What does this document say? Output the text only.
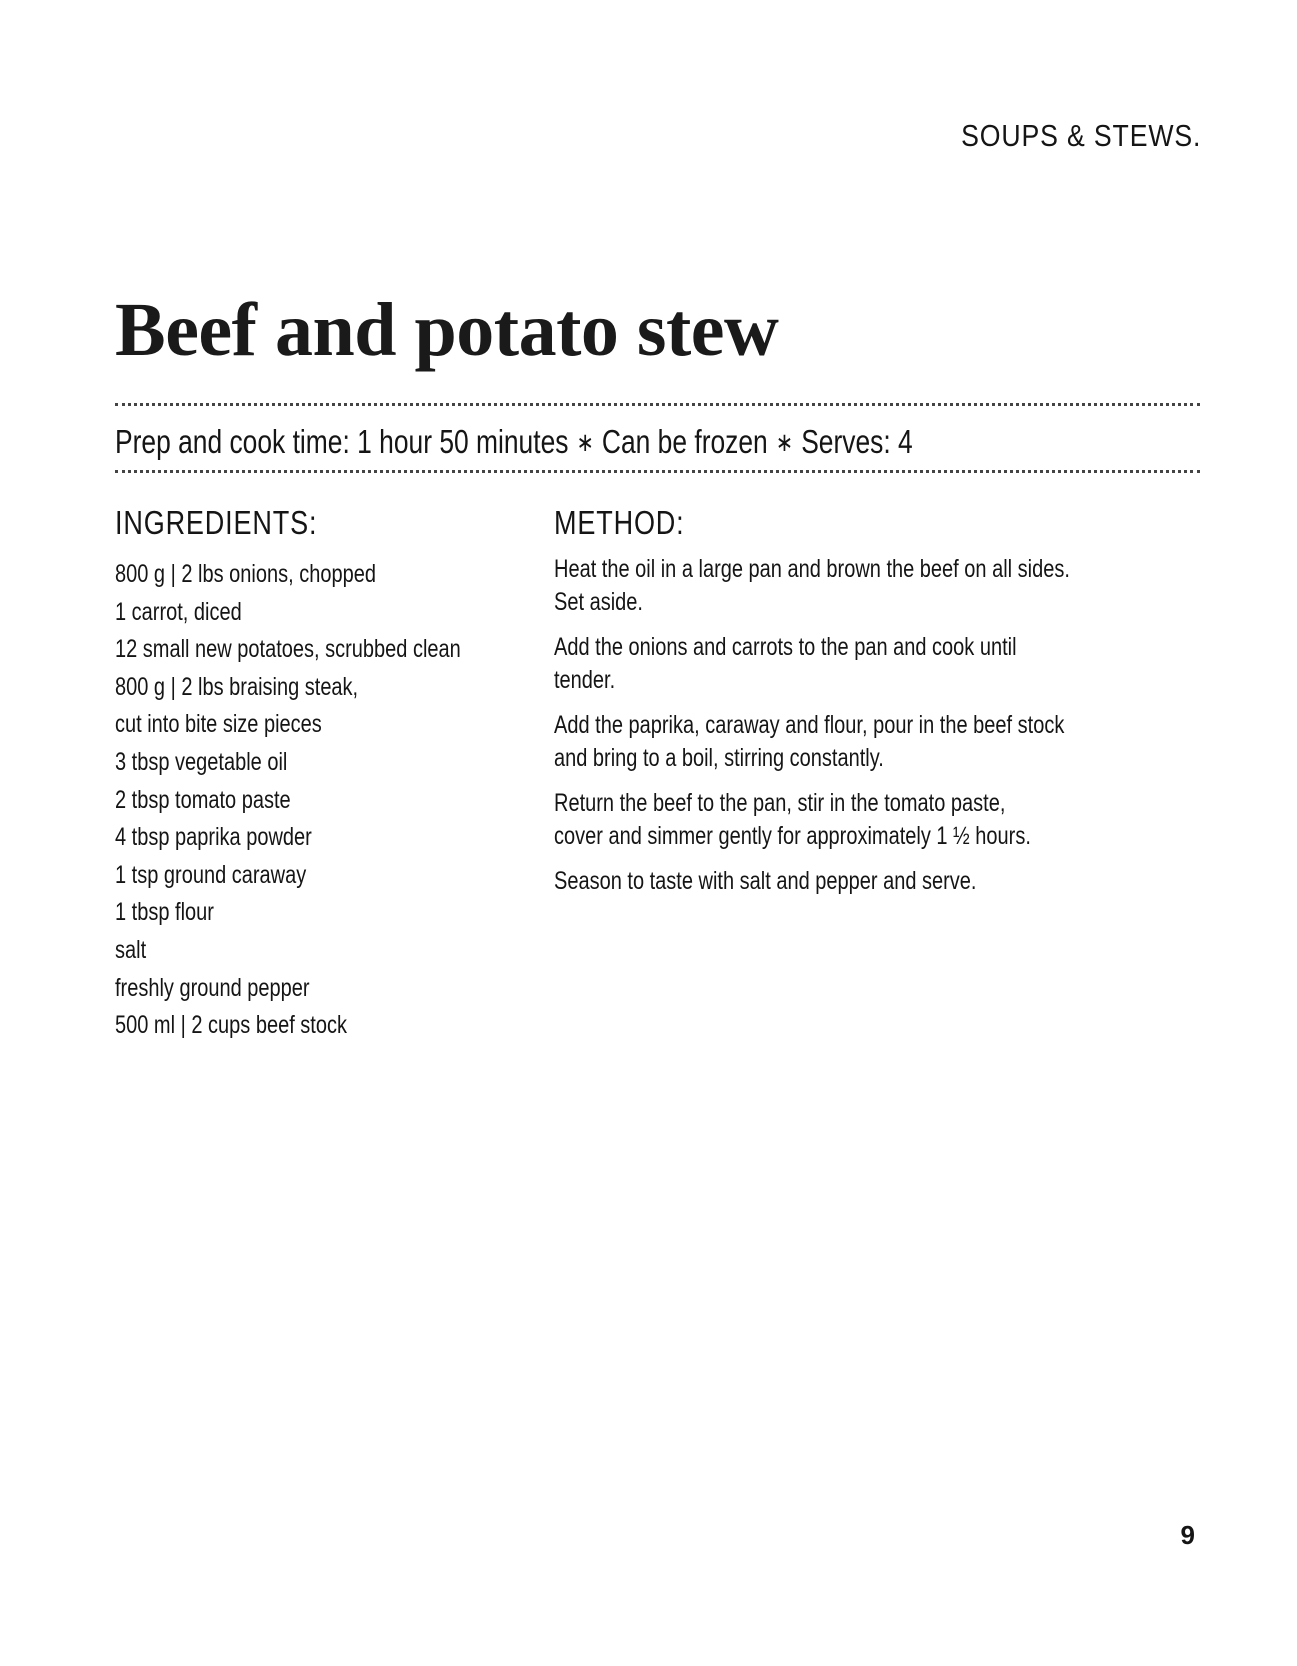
SOUPS & STEWS.
Beef and potato stew
Prep and cook time: 1 hour 50 minutes ∗ Can be frozen ∗ Serves: 4
INGREDIENTS:
800 g | 2 lbs onions, chopped
1 carrot, diced
12 small new potatoes, scrubbed clean
800 g | 2 lbs braising steak,
cut into bite size pieces
3 tbsp vegetable oil
2 tbsp tomato paste
4 tbsp paprika powder
1 tsp ground caraway
1 tbsp flour
salt
freshly ground pepper
500 ml | 2 cups beef stock
METHOD:

Heat the oil in a large pan and brown the beef on all sides.
Set aside.

Add the onions and carrots to the pan and cook until tender.

Add the paprika, caraway and flour, pour in the beef stock
and bring to a boil, stirring constantly.

Return the beef to the pan, stir in the tomato paste,
cover and simmer gently for approximately 1 ½ hours.

Season to taste with salt and pepper and serve.

9
